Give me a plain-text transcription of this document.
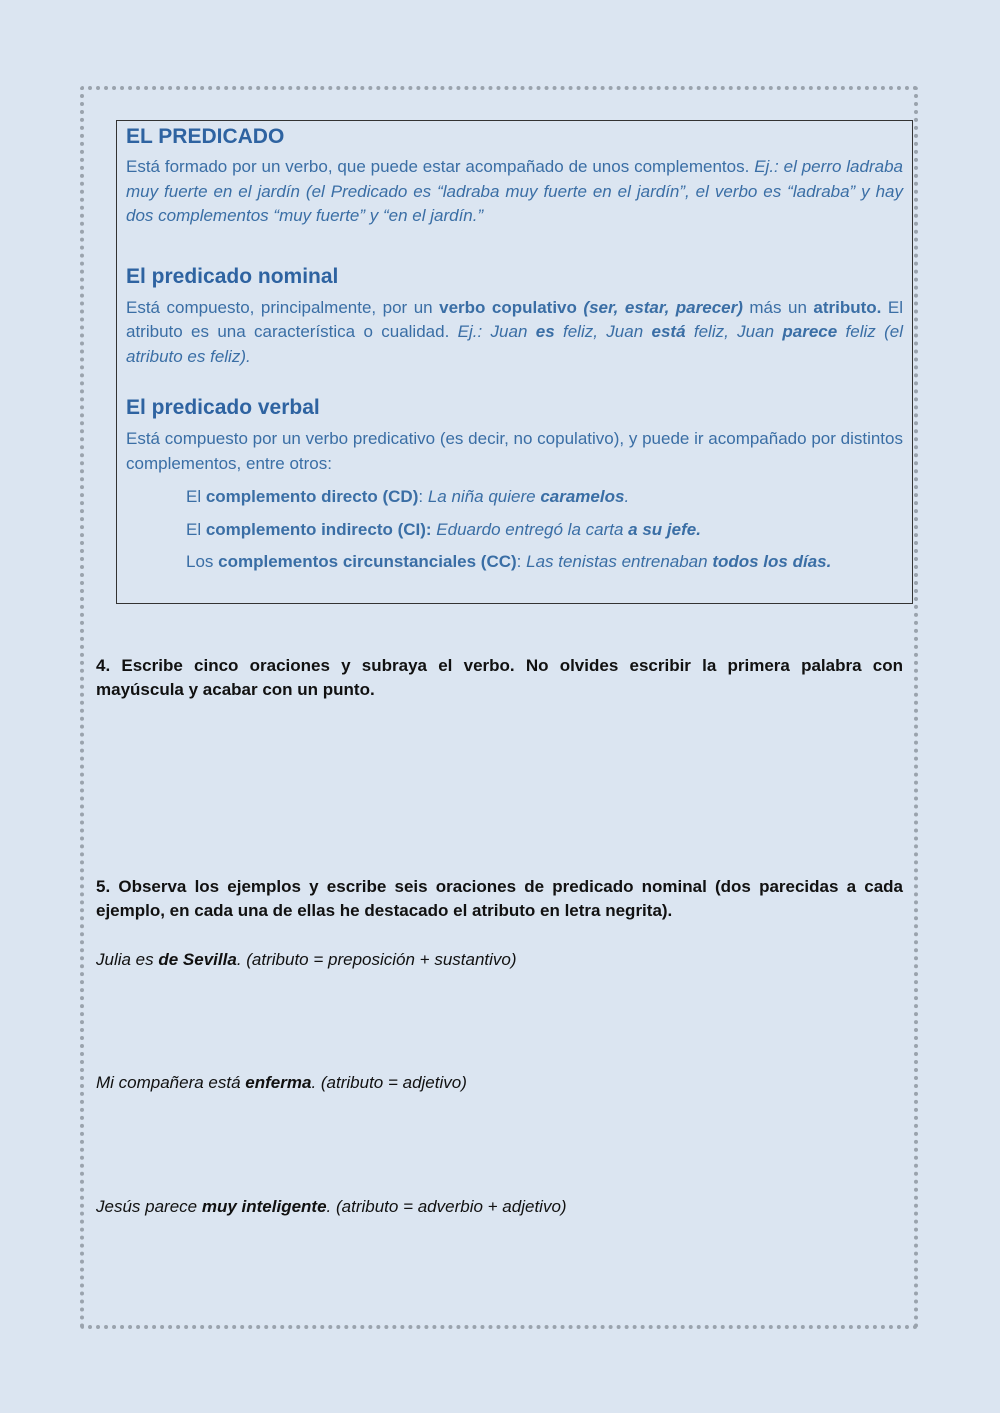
EL PREDICADO

Está formado por un verbo, que puede estar acompañado de unos complementos. Ej.: el perro ladraba muy fuerte en el jardín (el Predicado es “ladraba muy fuerte en el jardín”, el verbo es “ladraba” y hay dos complementos “muy fuerte” y “en el jardín.”

El predicado nominal

Está compuesto, principalmente, por un verbo copulativo (ser, estar, parecer) más un atributo. El atributo es una característica o cualidad. Ej.: Juan es feliz, Juan está feliz, Juan parece feliz (el atributo es feliz).

El predicado verbal

Está compuesto por un verbo predicativo (es decir, no copulativo), y puede ir acompañado por distintos complementos, entre otros:

El complemento directo (CD): La niña quiere caramelos.

El complemento indirecto (CI): Eduardo entregó la carta a su jefe.

Los complementos circunstanciales (CC): Las tenistas entrenaban todos los días.

4. Escribe cinco oraciones y subraya el verbo. No olvides escribir la primera palabra con mayúscula y acabar con un punto.

5. Observa los ejemplos y escribe seis oraciones de predicado nominal (dos parecidas a cada ejemplo, en cada una de ellas he destacado el atributo en letra negrita).

Julia es de Sevilla. (atributo = preposición + sustantivo)

Mi compañera está enferma. (atributo = adjetivo)

Jesús parece muy inteligente. (atributo = adverbio + adjetivo)
